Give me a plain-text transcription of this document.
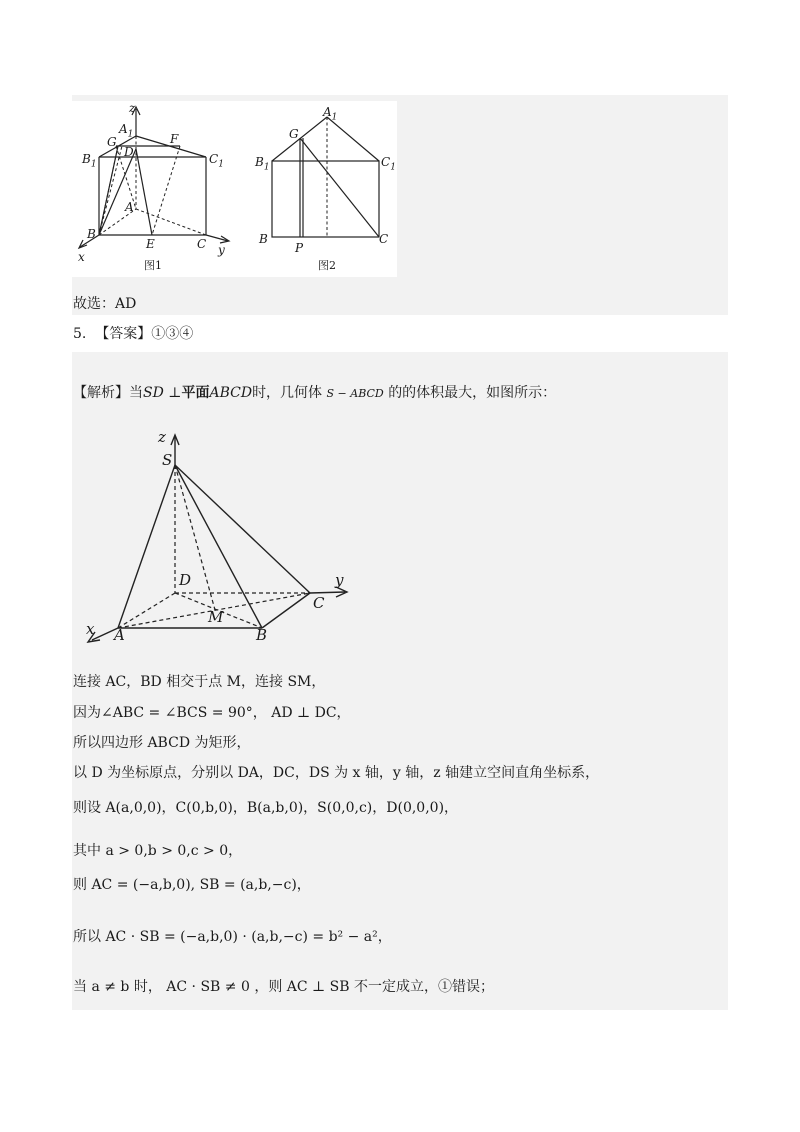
z
$A_1$
G
D
F
$B_1$	$C_1$
A
B
E	C
x	y
图1
$A_1$
G
$B_1$	$C_1$
B
P
C
图2
故选：AD
5. 【答案】①③④
【解析】当SD ⊥平面ABCD时，几何体 S − ABCD 的的体积最大，如图所示：
z
S
D	y
C
M
x A	B
连接 AC，BD 相交于点 M，连接 SM，
因为∠ABC = ∠BCS = 90°， AD ⊥ DC，
所以四边形 ABCD 为矩形，
以 D 为坐标原点，分别以 DA，DC，DS 为 x 轴，y 轴，z 轴建立空间直角坐标系，
则设 A(a,0,0)，C(0,b,0)，B(a,b,0)，S(0,0,c)，D(0,0,0)，
其中 a > 0,b > 0,c > 0，
则 AC = (−a,b,0), SB = (a,b,−c)，
所以 AC · SB = (−a,b,0) · (a,b,−c) = b² − a²，
当 a ≠ b 时， AC · SB ≠ 0 ，则 AC ⊥ SB 不一定成立，①错误；
